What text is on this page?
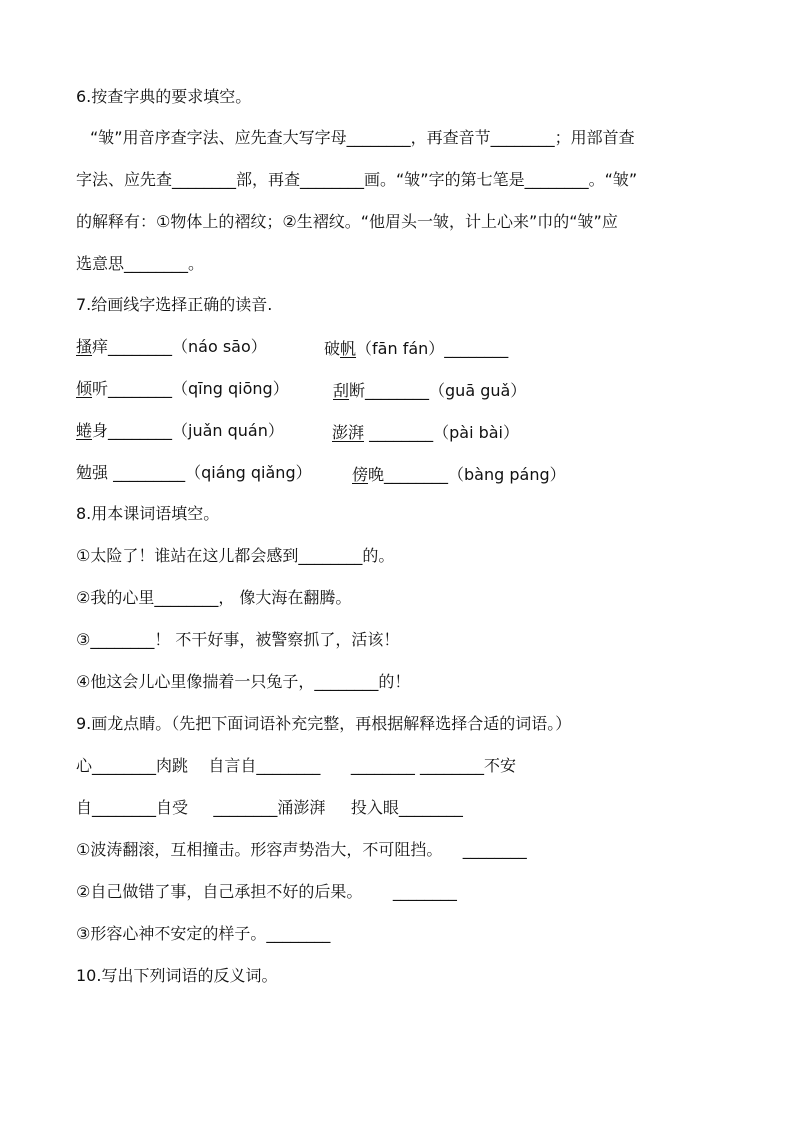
6.按查字典的要求填空。
“皱”用音序查字法、应先查大写字母________，再查音节________；用部首查
字法、应先查________部，再查________画。“皱”字的第七笔是________。“皱”
的解释有：①物体上的褶纹；②生褶纹。“他眉头一皱，计上心来”巾的“皱”应
选意思________。
7.给画线字选择正确的读音.
搔痒________（náo sāo）	破帆（fān fán）________
倾听________（qīng qiōng）	刮断________（guā guǎ）
蜷身________（juǎn quán）	澎湃 ________（pài bài）
勉强 _________（qiáng qiǎng）	傍晚________（bàng páng）
8.用本课词语填空。
①太险了！谁站在这儿都会感到________的。
②我的心里________， 像大海在翻腾。
③________！ 不干好事，被警察抓了，活该！
④他这会儿心里像揣着一只兔子，________的！
9.画龙点睛。（先把下面词语补充完整，再根据解释选择合适的词语。）
心________肉跳    自言自________      ________ ________不安
自________自受     ________涌澎湃     投入眼________
①波涛翻滚，互相撞击。形容声势浩大，不可阻挡。    ________
②自己做错了事，自己承担不好的后果。      ________
③形容心神不安定的样子。________
10.写出下列词语的反义词。
